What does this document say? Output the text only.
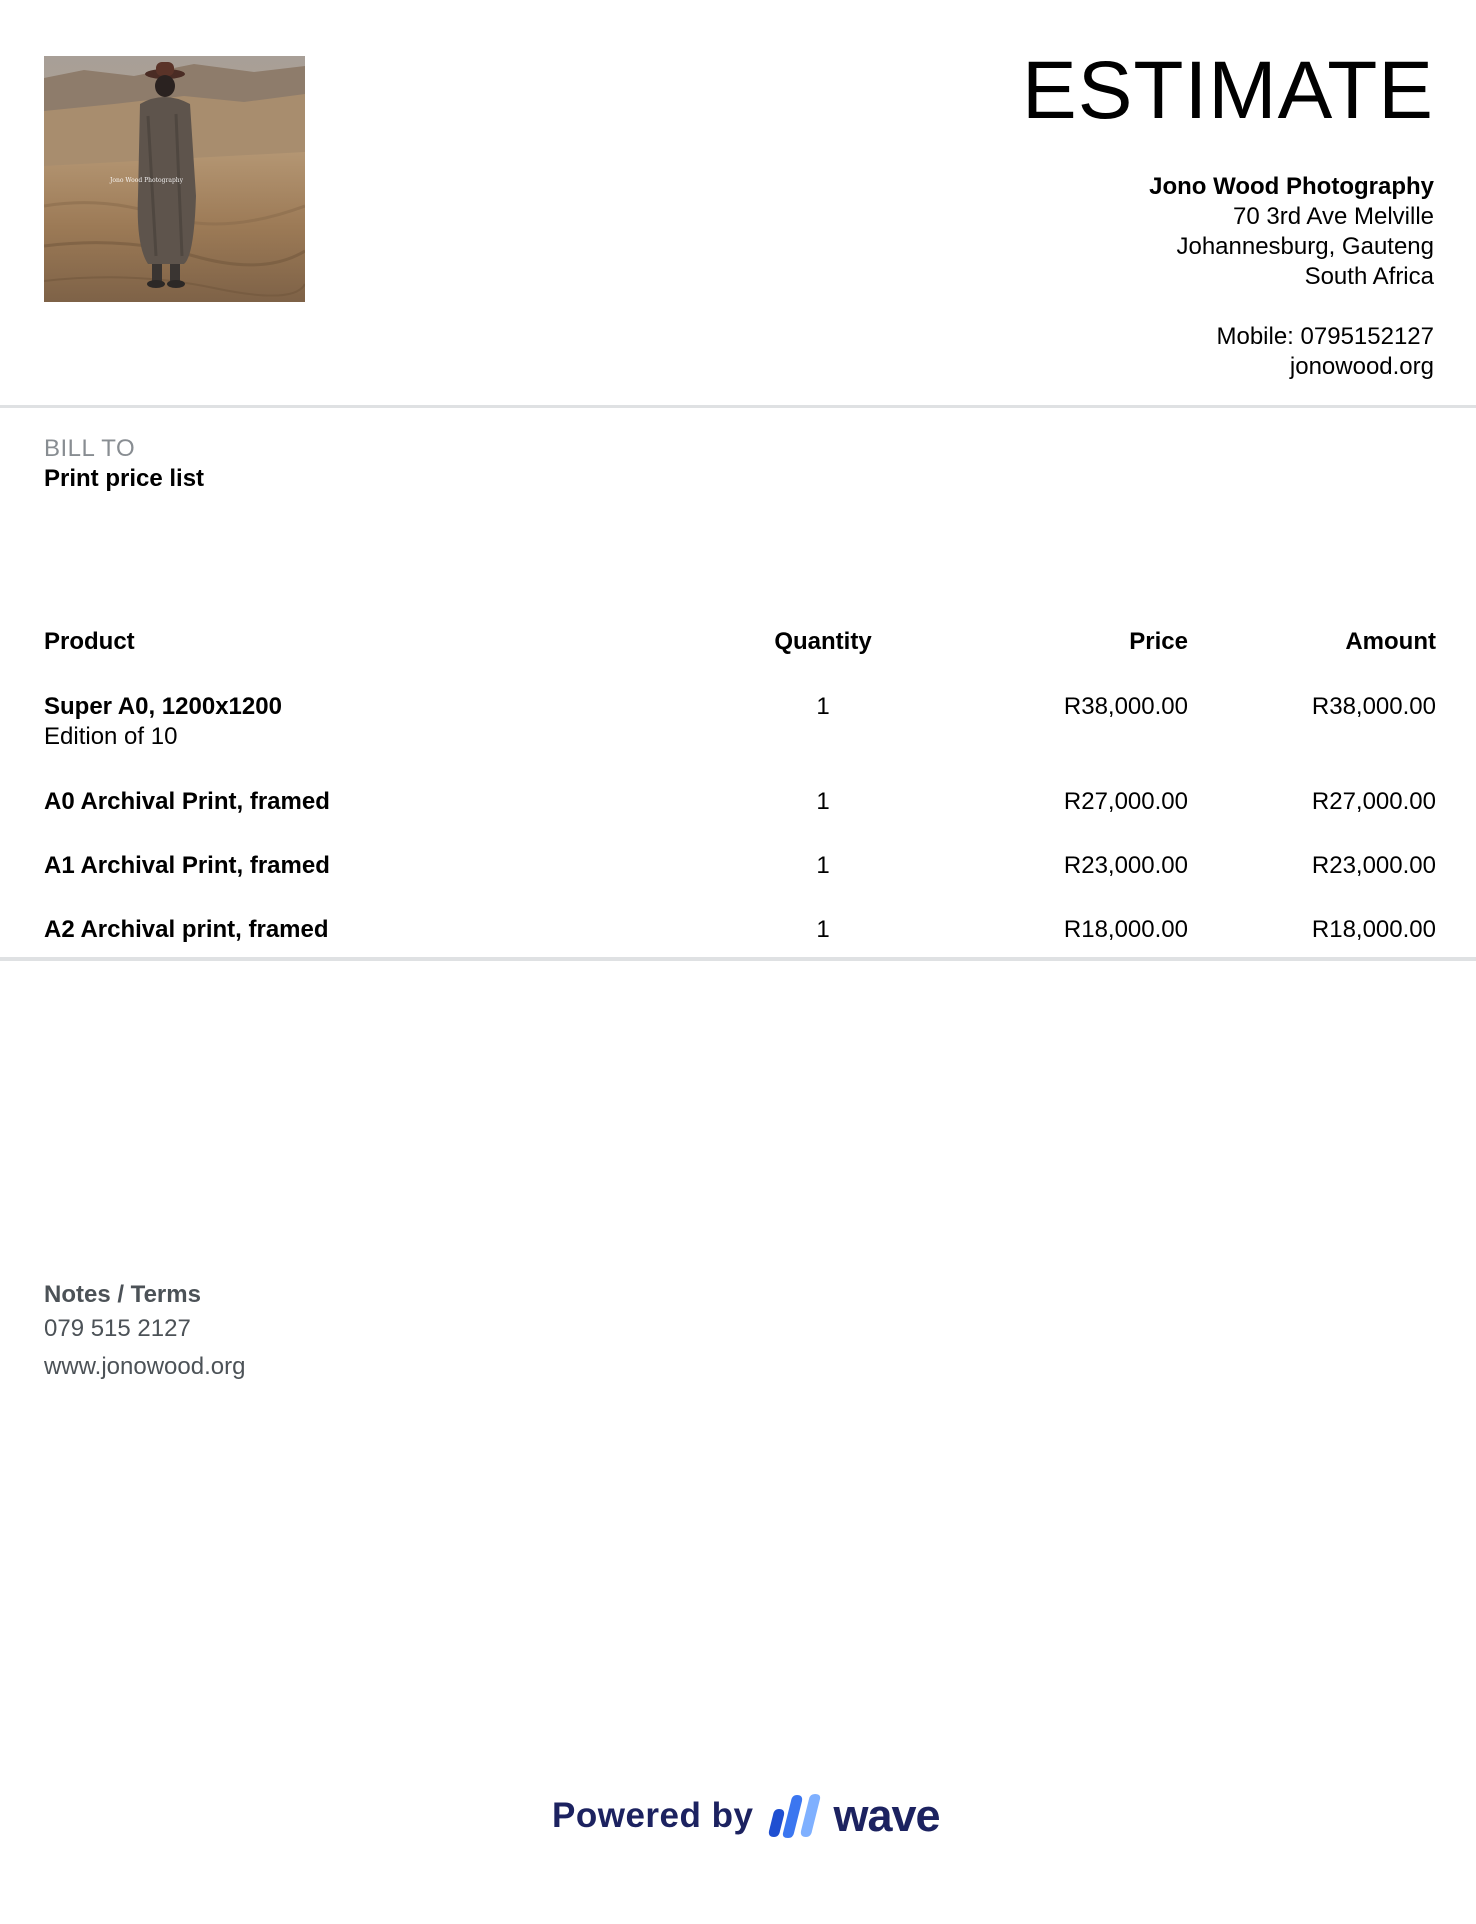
Jono Wood Photography
ESTIMATE
Jono Wood Photography
70 3rd Ave Melville
Johannesburg, Gauteng
South Africa
Mobile: 0795152127
jonowood.org
BILL TO
Print price list
Product	Quantity	Price	Amount
Super A0, 1200x1200
Edition of 10
1	R38,000.00	R38,000.00
A0 Archival Print, framed	1	R27,000.00	R27,000.00
A1 Archival Print, framed	1	R23,000.00	R23,000.00
A2 Archival print, framed	1	R18,000.00	R18,000.00
Notes / Terms
079 515 2127
www.jonowood.org
Powered by wave
